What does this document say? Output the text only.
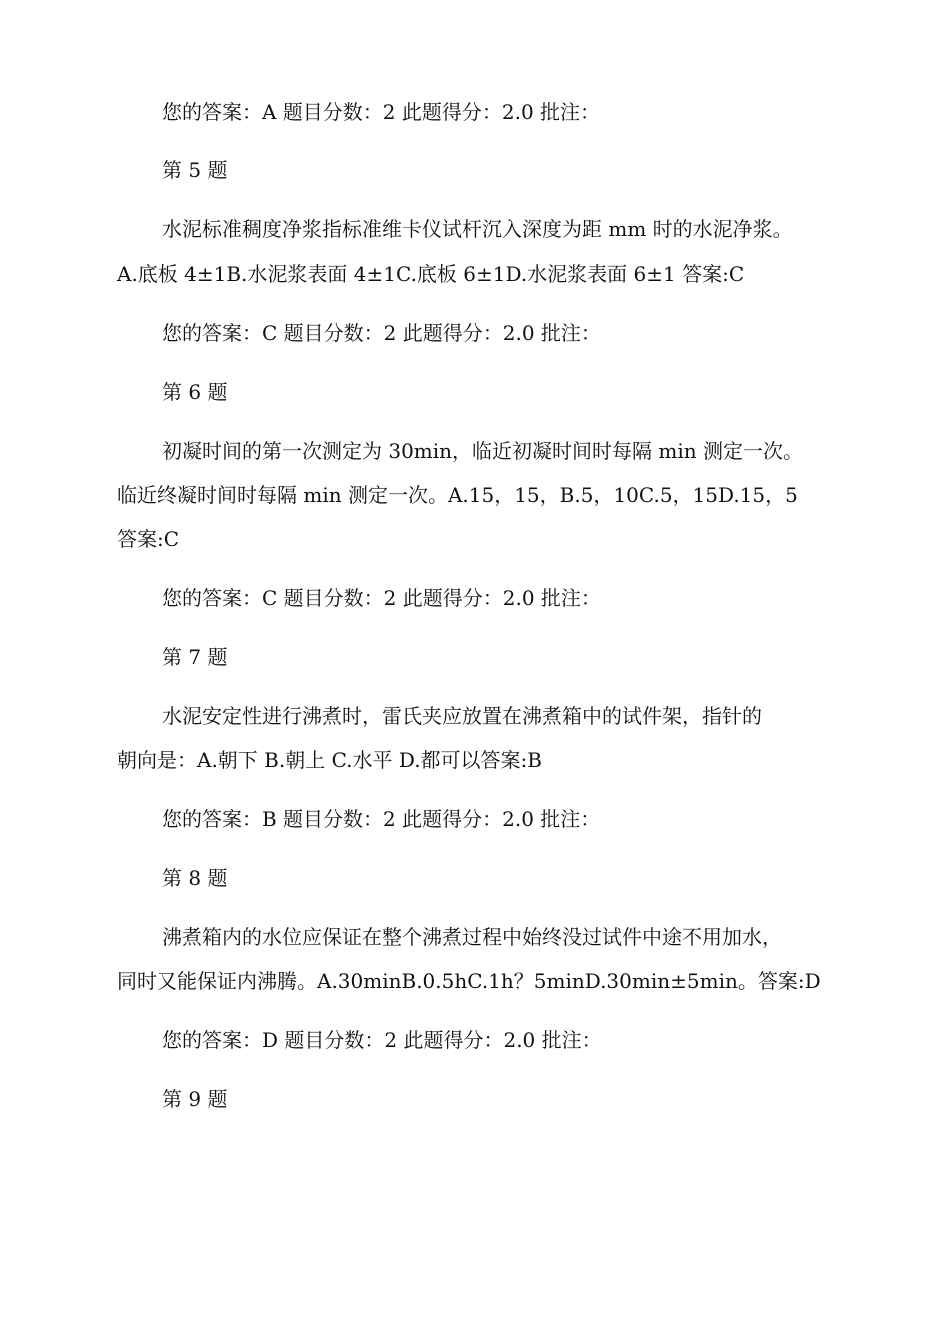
您的答案：A 题目分数：2 此题得分：2.0 批注：
第 5 题
水泥标准稠度净浆指标准维卡仪试杆沉入深度为距 mm 时的水泥净浆。
A.底板 4±1B.水泥浆表面 4±1C.底板 6±1D.水泥浆表面 6±1 答案:C
您的答案：C 题目分数：2 此题得分：2.0 批注：
第 6 题
初凝时间的第一次测定为 30min，临近初凝时间时每隔 min 测定一次。
临近终凝时间时每隔 min 测定一次。A.15，15，B.5，10C.5，15D.15，5
答案:C
您的答案：C 题目分数：2 此题得分：2.0 批注：
第 7 题
水泥安定性进行沸煮时，雷氏夹应放置在沸煮箱中的试件架，指针的
朝向是：A.朝下 B.朝上 C.水平 D.都可以答案:B
您的答案：B 题目分数：2 此题得分：2.0 批注：
第 8 题
沸煮箱内的水位应保证在整个沸煮过程中始终没过试件中途不用加水，
同时又能保证内沸腾。A.30minB.0.5hC.1h？5minD.30min±5min。答案:D
您的答案：D 题目分数：2 此题得分：2.0 批注：
第 9 题
